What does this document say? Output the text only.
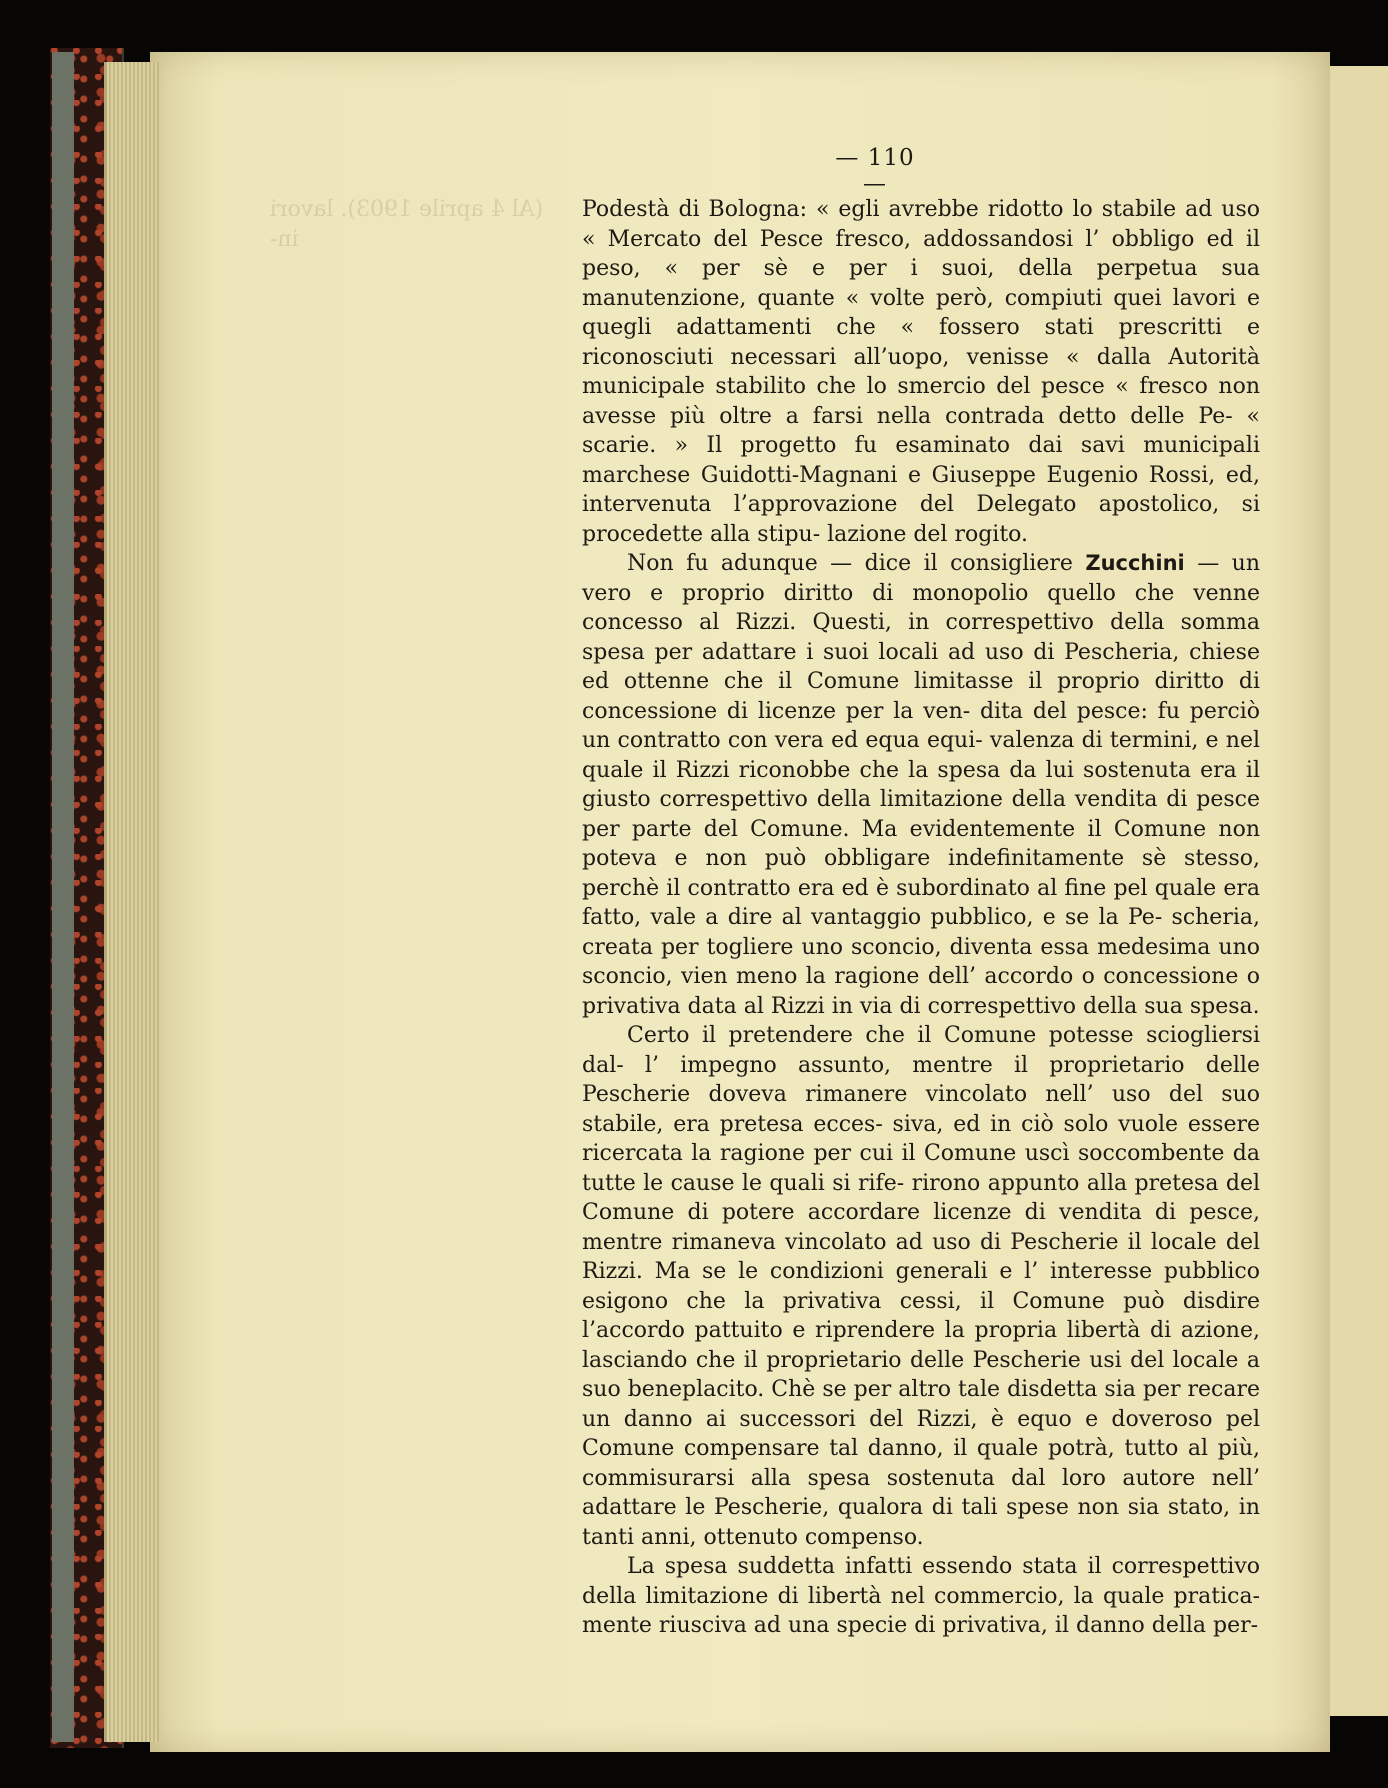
(Al 4 aprile 1903). lavori in-
— 110 —

Podestà di Bologna: « egli avrebbe ridotto lo stabile ad uso « Mercato del Pesce fresco, addossandosi l’ obbligo ed il peso, « per sè e per i suoi, della perpetua sua manutenzione, quante « volte però, compiuti quei lavori e quegli adattamenti che « fossero stati prescritti e riconosciuti necessari all’uopo, venisse « dalla Autorità municipale stabilito che lo smercio del pesce « fresco non avesse più oltre a farsi nella contrada detto delle Pe- « scarie. » Il progetto fu esaminato dai savi municipali marchese Guidotti-Magnani e Giuseppe Eugenio Rossi, ed, intervenuta l’approvazione del Delegato apostolico, si procedette alla stipu- lazione del rogito.

Non fu adunque — dice il consigliere Zucchini — un vero e proprio diritto di monopolio quello che venne concesso al Rizzi. Questi, in correspettivo della somma spesa per adattare i suoi locali ad uso di Pescheria, chiese ed ottenne che il Comune limitasse il proprio diritto di concessione di licenze per la ven- dita del pesce: fu perciò un contratto con vera ed equa equi- valenza di termini, e nel quale il Rizzi riconobbe che la spesa da lui sostenuta era il giusto correspettivo della limitazione della vendita di pesce per parte del Comune. Ma evidentemente il Comune non poteva e non può obbligare indefinitamente sè stesso, perchè il contratto era ed è subordinato al fine pel quale era fatto, vale a dire al vantaggio pubblico, e se la Pe- scheria, creata per togliere uno sconcio, diventa essa medesima uno sconcio, vien meno la ragione dell’ accordo o concessione o privativa data al Rizzi in via di correspettivo della sua spesa.

Certo il pretendere che il Comune potesse sciogliersi dal- l’ impegno assunto, mentre il proprietario delle Pescherie doveva rimanere vincolato nell’ uso del suo stabile, era pretesa ecces- siva, ed in ciò solo vuole essere ricercata la ragione per cui il Comune uscì soccombente da tutte le cause le quali si rife- rirono appunto alla pretesa del Comune di potere accordare licenze di vendita di pesce, mentre rimaneva vincolato ad uso di Pescherie il locale del Rizzi. Ma se le condizioni generali e l’ interesse pubblico esigono che la privativa cessi, il Comune può disdire l’accordo pattuito e riprendere la propria libertà di azione, lasciando che il proprietario delle Pescherie usi del locale a suo beneplacito. Chè se per altro tale disdetta sia per recare un danno ai successori del Rizzi, è equo e doveroso pel Comune compensare tal danno, il quale potrà, tutto al più, commisurarsi alla spesa sostenuta dal loro autore nell’ adattare le Pescherie, qualora di tali spese non sia stato, in tanti anni, ottenuto compenso.

La spesa suddetta infatti essendo stata il correspettivo della limitazione di libertà nel commercio, la quale pratica- mente riusciva ad una specie di privativa, il danno della per-
